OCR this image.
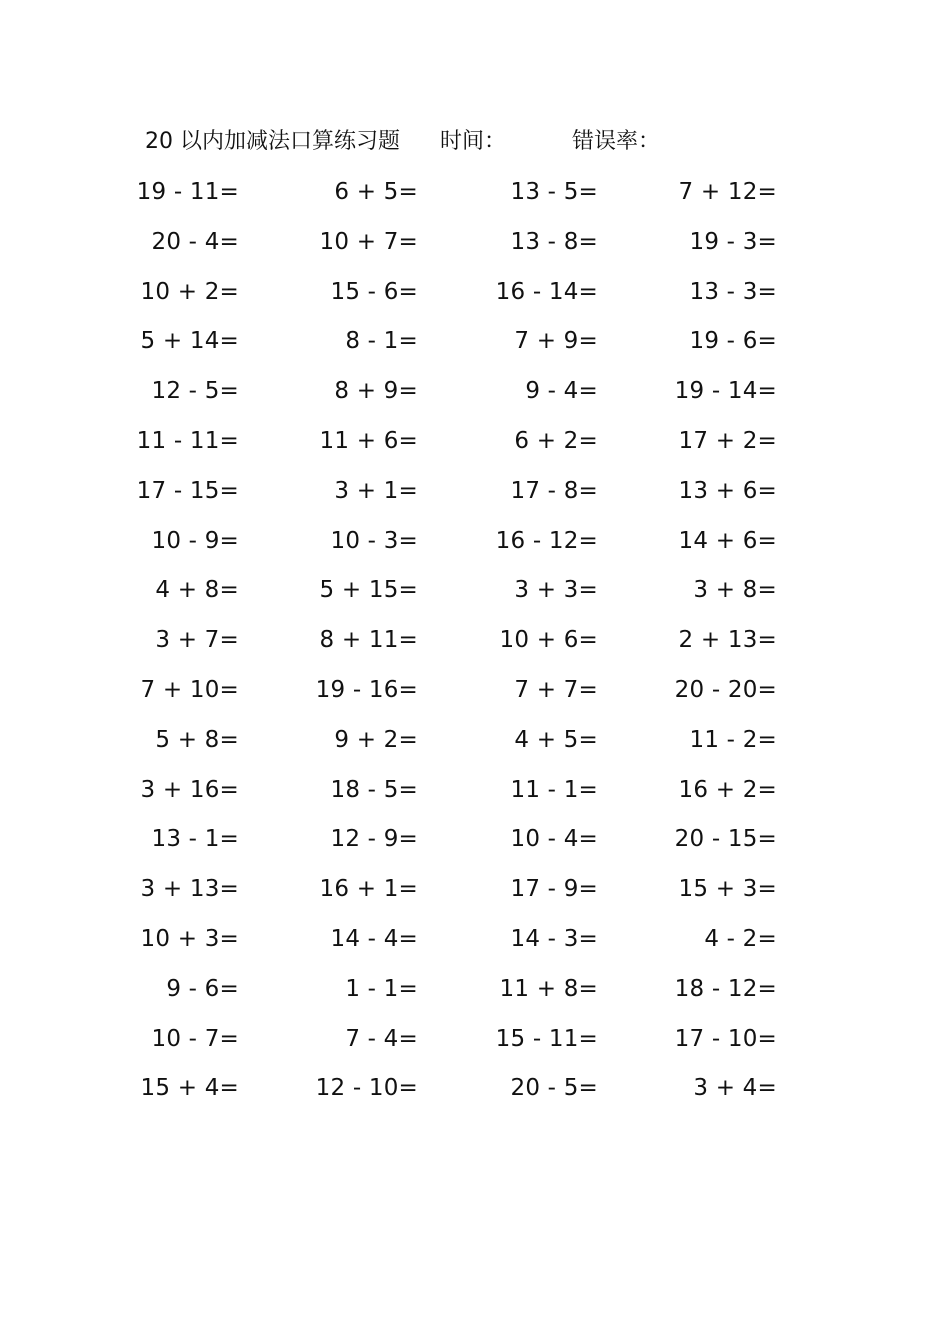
20 以内加减法口算练习题 时间：	错误率：
19 - 11=	6 + 5=	13 - 5=	7 + 12=
20 - 4=	10 + 7=	13 - 8=	19 - 3=
10 + 2=	15 - 6=	16 - 14=	13 - 3=
5 + 14=	8 - 1=	7 + 9=	19 - 6=
12 - 5=	8 + 9=	9 - 4=	19 - 14=
11 - 11=	11 + 6=	6 + 2=	17 + 2=
17 - 15=	3 + 1=	17 - 8=	13 + 6=
10 - 9=	10 - 3=	16 - 12=	14 + 6=
4 + 8=	5 + 15=	3 + 3=	3 + 8=
3 + 7=	8 + 11=	10 + 6=	2 + 13=
7 + 10=	19 - 16=	7 + 7=	20 - 20=
5 + 8=	9 + 2=	4 + 5=	11 - 2=
3 + 16=	18 - 5=	11 - 1=	16 + 2=
13 - 1=	12 - 9=	10 - 4=	20 - 15=
3 + 13=	16 + 1=	17 - 9=	15 + 3=
10 + 3=	14 - 4=	14 - 3=	4 - 2=
9 - 6=	1 - 1=	11 + 8=	18 - 12=
10 - 7=	7 - 4=	15 - 11=	17 - 10=
15 + 4=	12 - 10=	20 - 5=	3 + 4=
